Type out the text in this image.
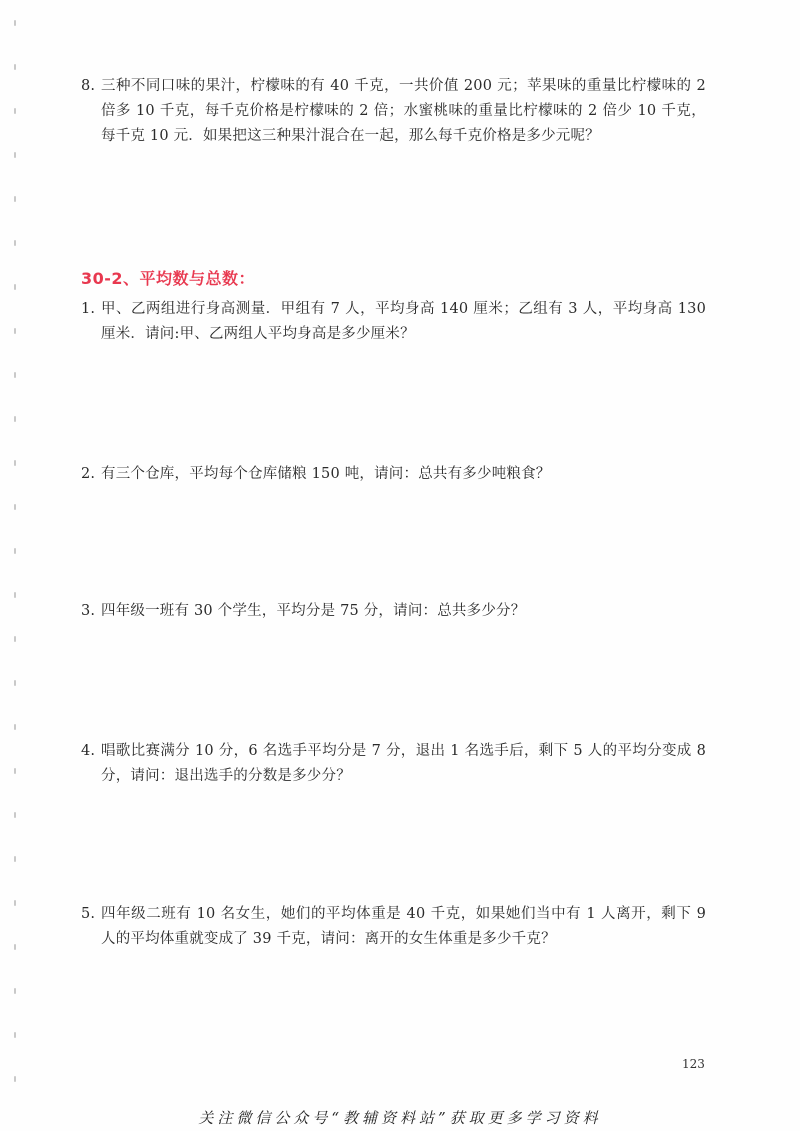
8. 三种不同口味的果汁，柠檬味的有 40 千克，一共价值 200 元；苹果味的重量比柠檬味的 2 倍多 10 千克，每千克价格是柠檬味的 2 倍；水蜜桃味的重量比柠檬味的 2 倍少 10 千克，每千克 10 元．如果把这三种果汁混合在一起，那么每千克价格是多少元呢？
30-2、平均数与总数：
1. 甲、乙两组进行身高测量．甲组有 7 人，平均身高 140 厘米；乙组有 3 人，平均身高 130 厘米．请问:甲、乙两组人平均身高是多少厘米？
2. 有三个仓库，平均每个仓库储粮 150 吨，请问：总共有多少吨粮食？
3. 四年级一班有 30 个学生，平均分是 75 分，请问：总共多少分？
4. 唱歌比赛满分 10 分，6 名选手平均分是 7 分，退出 1 名选手后，剩下 5 人的平均分变成 8 分，请问：退出选手的分数是多少分？
5. 四年级二班有 10 名女生，她们的平均体重是 40 千克，如果她们当中有 1 人离开，剩下 9 人的平均体重就变成了 39 千克，请问：离开的女生体重是多少千克？
123
关注微信公众号“教辅资料站”获取更多学习资料
